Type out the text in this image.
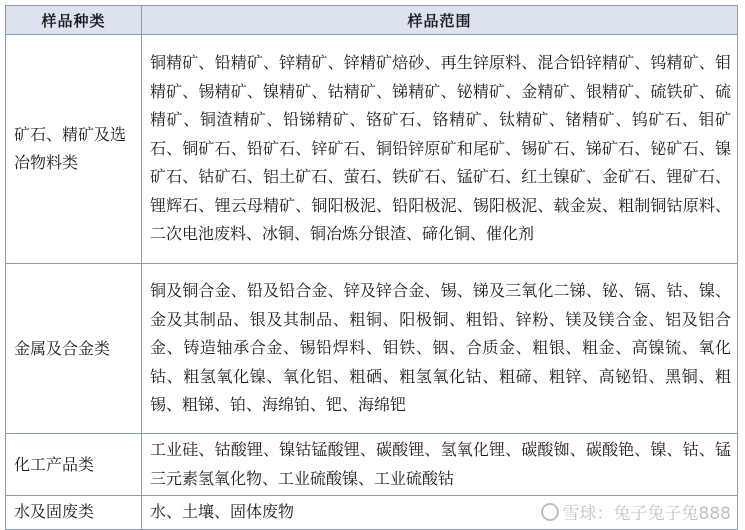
样品种类	样品范围
矿石、精矿及选冶物料类	铜精矿、铅精矿、锌精矿、锌精矿焙砂、再生锌原料、混合铅锌精矿、钨精矿、钼精矿、锡精矿、镍精矿、钴精矿、锑精矿、铋精矿、金精矿、银精矿、硫铁矿、硫精矿、铜渣精矿、铅锑精矿、铬矿石、铬精矿、钛精矿、锗精矿、钨矿石、钼矿石、铜矿石、铅矿石、锌矿石、铜铅锌原矿和尾矿、锡矿石、锑矿石、铋矿石、镍矿石、钴矿石、铝土矿石、萤石、铁矿石、锰矿石、红土镍矿、金矿石、锂矿石、锂辉石、锂云母精矿、铜阳极泥、铅阳极泥、锡阳极泥、载金炭、粗制铜钴原料、二次电池废料、冰铜、铜冶炼分银渣、碲化铜、催化剂
金属及合金类	铜及铜合金、铅及铅合金、锌及锌合金、锡、锑及三氧化二锑、铋、镉、钴、镍、金及其制品、银及其制品、粗铜、阳极铜、粗铅、锌粉、镁及镁合金、铝及铝合金、铸造轴承合金、锡铅焊料、钼铁、铟、合质金、粗银、粗金、高镍锍、氧化钴、粗氢氧化镍、氧化铝、粗硒、粗氢氧化钴、粗碲、粗锌、高铋铅、黑铜、粗锡、粗锑、铂、海绵铂、钯、海绵钯
化工产品类	工业硅、钴酸锂、镍钴锰酸锂、碳酸锂、氢氧化锂、碳酸铷、碳酸铯、镍、钴、锰三元素氢氧化物、工业硫酸镍、工业硫酸钴
水及固废类	水、土壤、固体废物	雪球：兔子兔子兔888
